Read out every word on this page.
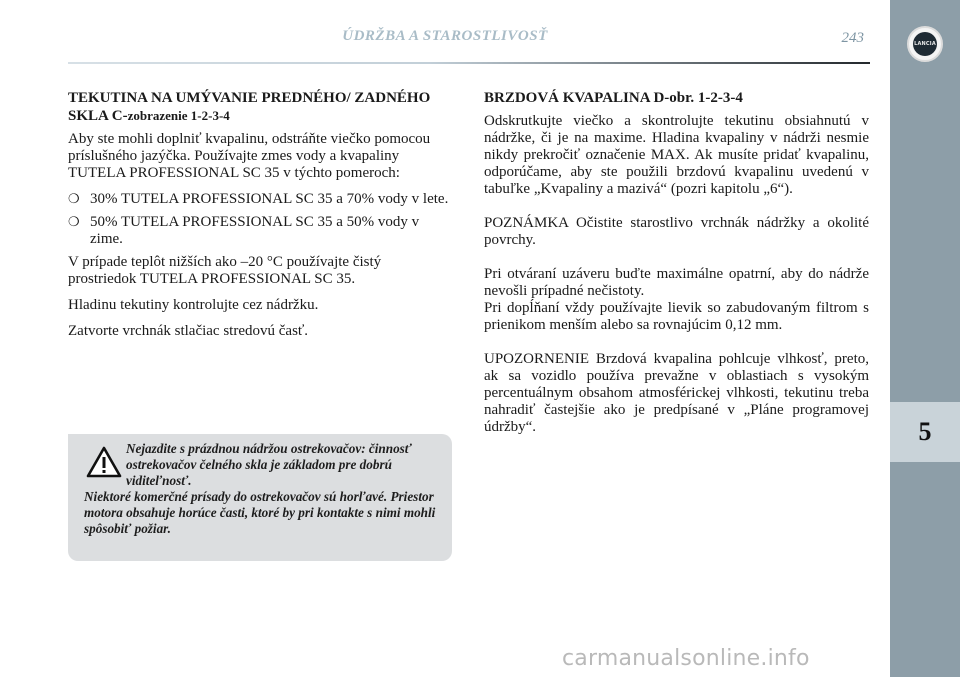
ÚDRŽBA A STAROSTLIVOSŤ	243	LANCIA
5
TEKUTINA NA UMÝVANIE PREDNÉHO/ ZADNÉHO SKLA C-zobrazenie 1-2-3-4

Aby ste mohli doplniť kvapalinu, odstráňte viečko pomocou príslušného jazýčka. Používajte zmes vody a kvapaliny TUTELA PROFESSIONAL SC 35 v týchto pomeroch:

❍ 30% TUTELA PROFESSIONAL SC 35 a 70% vody v lete.
❍ 50% TUTELA PROFESSIONAL SC 35 a 50% vody v zime.

V prípade teplôt nižších ako –20 °C používajte čistý prostriedok TUTELA PROFESSIONAL SC 35.

Hladinu tekutiny kontrolujte cez nádržku.

Zatvorte vrchnák stlačiac stredovú časť.

Nejazdite s prázdnou nádržou ostrekovačov: činnosť ostrekovačov čelného skla je základom pre dobrú viditeľnosť.

Niektoré komerčné prísady do ostrekovačov sú horľavé. Priestor motora obsahuje horúce časti, ktoré by pri kontakte s nimi mohli spôsobiť požiar.

BRZDOVÁ KVAPALINA D-obr. 1-2-3-4

Odskrutkujte viečko a skontrolujte tekutinu obsiahnutú v nádržke, či je na maxime. Hladina kvapaliny v nádrži nesmie nikdy prekročiť označenie MAX. Ak musíte pridať kvapalinu, odporúčame, aby ste použili brzdovú kvapalinu uvedenú v tabuľke „Kvapaliny a mazivá“ (pozri kapitolu „6“).

POZNÁMKA Očistite starostlivo vrchnák nádržky a okolité povrchy.

Pri otváraní uzáveru buďte maximálne opatrní, aby do nádrže nevošli prípadné nečistoty.

Pri dopĺňaní vždy používajte lievik so zabudovaným filtrom s prienikom menším alebo sa rovnajúcim 0,12 mm.

UPOZORNENIE Brzdová kvapalina pohlcuje vlhkosť, preto, ak sa vozidlo používa prevažne v oblastiach s vysokým percentuálnym obsahom atmosférickej vlhkosti, tekutinu treba nahradiť častejšie ako je predpísané v „Pláne programovej údržby“.

carmanualsonline.info
